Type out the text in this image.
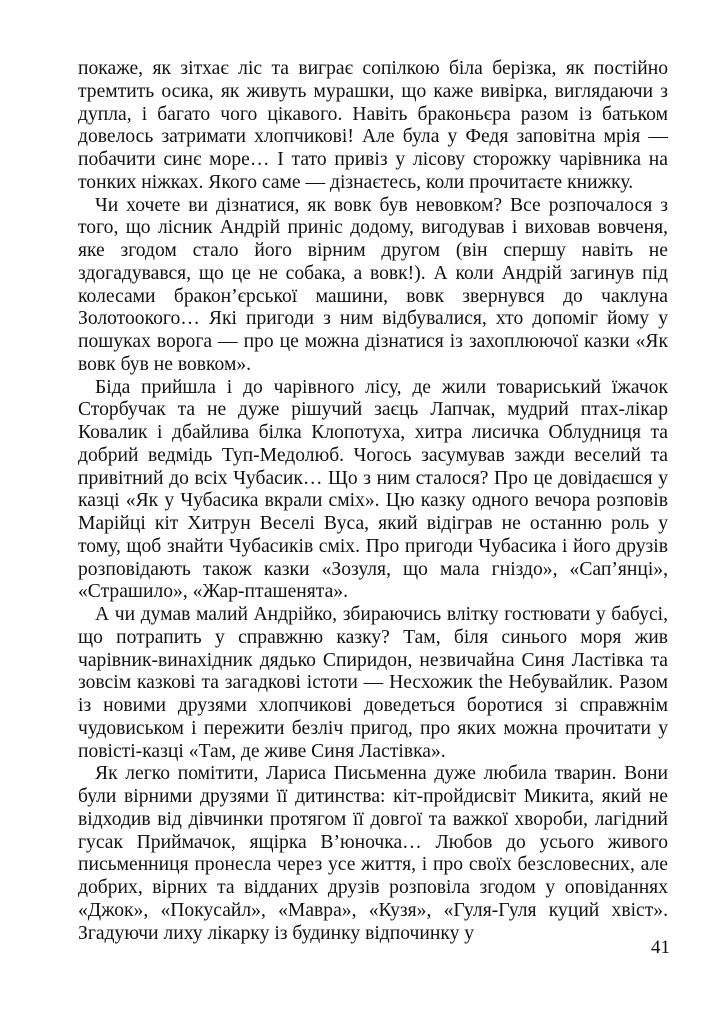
покаже, як зітхає ліс та виграє сопілкою біла берізка, як постійно тремтить осика, як живуть мурашки, що каже вивірка, виглядаючи з дупла, і багато чого цікавого. Навіть браконьєра разом із батьком довелось затримати хлопчикові! Але була у Федя заповітна мрія — побачити синє море… І тато привіз у лісову сторожку чарівника на тонких ніжках. Якого саме — дізнаєтесь, коли прочитаєте книжку.

Чи хочете ви дізнатися, як вовк був невовком? Все розпочалося з того, що лісник Андрій приніс додому, вигодував і виховав вовченя, яке згодом стало його вірним другом (він спершу навіть не здогадувався, що це не собака, а вовк!). А коли Андрій загинув під колесами бракон’єрської машини, вовк звернувся до чаклуна Золотоокого… Які пригоди з ним відбувалися, хто допоміг йому у пошуках ворога — про це можна дізнатися із захоплюючої казки «Як вовк був не вовком».

Біда прийшла і до чарівного лісу, де жили товариський їжачок Сторбучак та не дуже рішучий заєць Лапчак, мудрий птах-лікар Ковалик і дбайлива білка Клопотуха, хитра лисичка Облудниця та добрий ведмідь Туп-Медолюб. Чогось засумував зажди веселий та привітний до всіх Чубасик… Що з ним сталося? Про це довідаєшся у казці «Як у Чубасика вкрали сміх». Цю казку одного вечора розповів Марійці кіт Хитрун Веселі Вуса, який відіграв не останню роль у тому, щоб знайти Чубасиків сміх. Про пригоди Чубасика і його друзів розповідають також казки «Зозуля, що мала гніздо», «Сап’янці», «Страшило», «Жар-пташенята».

А чи думав малий Андрійко, збираючись влітку гостювати у бабусі, що потрапить у справжню казку? Там, біля синього моря жив чарівник-винахідник дядько Спиридон, незвичайна Синя Ластівка та зовсім казкові та загадкові істоти — Несхожик the Небувайлик. Разом із новими друзями хлопчикові доведеться боротися зі справжнім чудовиськом і пережити безліч пригод, про яких можна прочитати у повісті-казці «Там, де живе Синя Ластівка».

Як легко помітити, Лариса Письменна дуже любила тварин. Вони були вірними друзями її дитинства: кіт-пройдисвіт Микита, який не відходив від дівчинки протягом її довгої та важкої хвороби, лагідний гусак Приймачок, ящірка В’юночка… Любов до усього живого письменниця пронесла через усе життя, і про своїх безсловесних, але добрих, вірних та відданих друзів розповіла згодом у оповіданнях «Джок», «Покусайл», «Мавра», «Кузя», «Гуля-Гуля куций хвіст». Згадуючи лиху лікарку із будинку відпочинку у

41
